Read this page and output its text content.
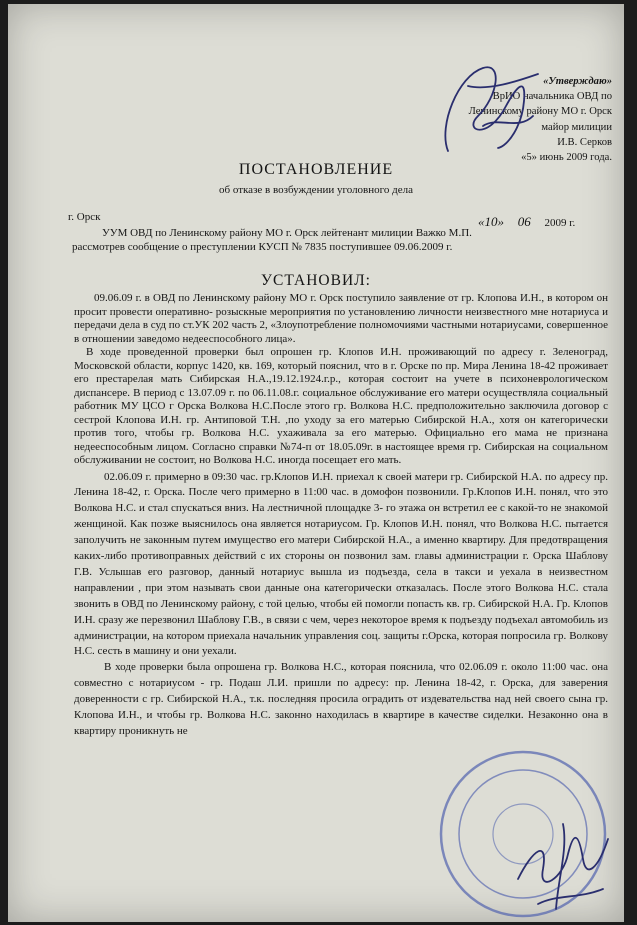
«Утверждаю»
ВрИО начальника ОВД по
Ленинскому району МО г. Орск
майор милиции
И.В. Серков
«5» июнь 2009 года.
ПОСТАНОВЛЕНИЕ
об отказе в возбуждении уголовного дела
г. Орск	«10» 06 2009 г.

УУМ ОВД по Ленинскому району МО г. Орск лейтенант милиции Важко М.П.

рассмотрев сообщение о преступлении КУСП № 7835 поступившее 09.06.2009 г.

УСТАНОВИЛ:

09.06.09 г. в ОВД по Ленинскому району МО г. Орск поступило заявление от гр. Клопова И.Н., в котором он просит провести оперативно- розыскные мероприятия по установлению личности неизвестного мне нотариуса и передачи дела в суд по ст.УК 202 часть 2, «Злоупотребление полномочиями частными нотариусами, совершенное в отношении заведомо недееспособного лица».

В ходе проведенной проверки был опрошен гр. Клопов И.Н. проживающий по адресу г. Зеленоград, Московской области, корпус 1420, кв. 169, который пояснил, что в г. Орске по пр. Мира Ленина 18-42 проживает его престарелая мать Сибирская Н.А.,19.12.1924.г.р., которая состоит на учете в психоневрологическом диспансере. В период с 13.07.09 г. по 06.11.08.г. социальное обслуживание его матери осуществляла социальный работник МУ ЦСО г Орска Волкова Н.С.После этого гр. Волкова Н.С. предположительно заключила договор с сестрой Клопова И.Н. гр. Антиповой Т.Н. ,по уходу за его матерью Сибирской Н.А., хотя он категорически против того, чтобы гр. Волкова Н.С. ухаживала за его матерью. Официально его мама не признана недееспособным лицом. Согласно справки №74-п от 18.05.09г. в настоящее время гр. Сибирская на социальном обслуживании не состоит, но Волкова Н.С. иногда посещает его мать.

02.06.09 г. примерно в 09:30 час. гр.Клопов И.Н. приехал к своей матери гр. Сибирской Н.А. по адресу пр. Ленина 18-42, г. Орска. После чего примерно в 11:00 час. в домофон позвонили. Гр.Клопов И.Н. понял, что это Волкова Н.С. и стал спускаться вниз. На лестничной площадке 3- го этажа он встретил ее с какой-то не знакомой женщиной. Как позже выяснилось она является нотариусом. Гр. Клопов И.Н. понял, что Волкова Н.С. пытается заполучить не законным путем имущество его матери Сибирской Н.А., а именно квартиру. Для предотвращения каких-либо противоправных действий с их стороны он позвонил зам. главы администрации г. Орска Шаблову Г.В. Услышав его разговор, данный нотариус вышла из подъезда, села в такси и уехала в неизвестном направлении , при этом называть свои данные она категорически отказалась. После этого Волкова Н.С. стала звонить в ОВД по Ленинскому району, с той целью, чтобы ей помогли попасть кв. гр. Сибирской Н.А. Гр. Клопов И.Н. сразу же перезвонил Шаблову Г.В., в связи с чем, через некоторое время к подъезду подъехал автомобиль из администрации, на котором приехала начальник управления соц. защиты г.Орска, которая попросила гр. Волкову Н.С. сесть в машину и они уехали.

В ходе проверки была опрошена гр. Волкова Н.С., которая пояснила, что 02.06.09 г. около 11:00 час. она совместно с нотариусом - гр. Подаш Л.И. пришли по адресу: пр. Ленина 18-42, г. Орска, для заверения доверенности с гр. Сибирской Н.А., т.к. последняя просила оградить от издевательства над ней своего сына гр. Клопова И.Н., и чтобы гр. Волкова Н.С. законно находилась в квартире в качестве сиделки. Незаконно она в квартиру проникнуть не
